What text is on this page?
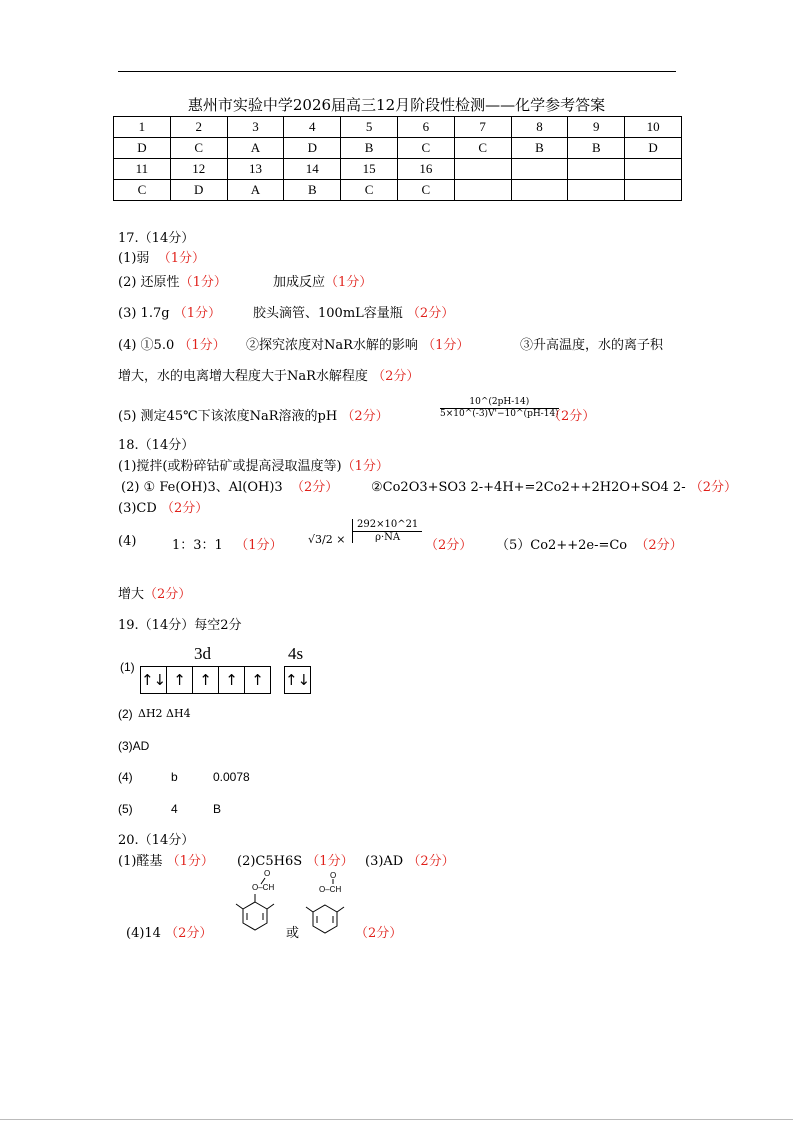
惠州市实验中学2026届高三12月阶段性检测——化学参考答案
1	2	3	4	5	6	7	8	9	10
D	C	A	D	B	C	C	B	B	D
11	12	13	14	15	16				
C	D	A	B	C	C				
17.（14分）
(1)弱 （1分）
(2) 还原性（1分）	加成反应（1分）
(3) 1.7g （1分） 胶头滴管、100mL容量瓶 （2分）
(4) ①5.0 （1分） ②探究浓度对NaR水解的影响 （1分）	③升高温度，水的离子积
增大，水的电离增大程度大于NaR水解程度 （2分）
(5) 测定45℃下该浓度NaR溶液的pH （2分）	$\frac{10\^{}(2pH-14)}{5\times 10\^{}(-3)V'-10\^{}(pH-14)}$
（2分）
18.（14分）
(1)搅拌(或粉碎钴矿或提高浸取温度等)（1分）
(2) ① Fe(OH)3、Al(OH)3 （2分）	②Co2O3+SO3 2-+4H+=2Co2++2H2O+SO4 2- （2分）
(3)CD （2分）
(4)	1：3：1 （1分） $√3/2 \times \frac{292\times 10\^{}21}{\rho\cdot NA}$
（2分） （5）Co2++2e-=Co （2分）
增大（2分）
19.（14分）每空2分
3d	4s
(1)
↑↓ ↑ ↑ ↑ ↑	↑↓
(2) ΔH2 ΔH4
(3)AD
(4)	b	0.0078
(5)	4	B
20.（14分）
(1)醛基 （1分） (2)C5H6S （1分） (3)AD （2分）
(4)14 （2分）
O–CH
O
或
O–CH
O
（2分）
